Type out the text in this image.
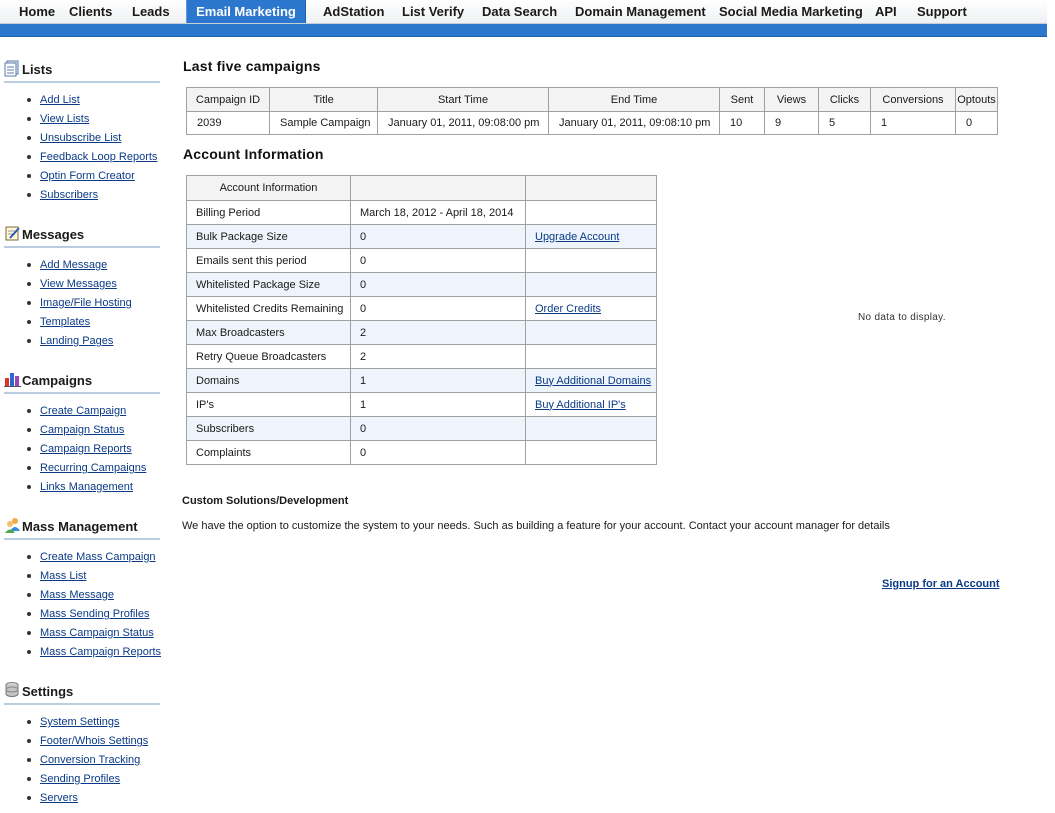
Home Clients Leads	Email Marketing	AdStation List Verify Data Search Domain Management Social Media Marketing API Support
Lists
Add List
View Lists
Unsubscribe List
Feedback Loop Reports
Optin Form Creator
Subscribers
Messages
Add Message
View Messages
Image/File Hosting
Templates
Landing Pages
Campaigns
Create Campaign
Campaign Status
Campaign Reports
Recurring Campaigns
Links Management
Mass Management
Create Mass Campaign
Mass List
Mass Message
Mass Sending Profiles
Mass Campaign Status
Mass Campaign Reports
Settings
System Settings
Footer/Whois Settings
Conversion Tracking
Sending Profiles
Servers
Last five campaigns
Campaign ID	Title	Start Time	End Time	Sent	Views	Clicks	Conversions	Optouts
2039	Sample Campaign	January 01, 2011, 09:08:00 pm	January 01, 2011, 09:08:10 pm	10	9	5	1	0
Account Information
Account Information		
Billing Period	March 18, 2012 - April 18, 2014	
Bulk Package Size	0	Upgrade Account
Emails sent this period	0	
Whitelisted Package Size	0	
Whitelisted Credits Remaining	0	Order Credits
Max Broadcasters	2	
Retry Queue Broadcasters	2	
Domains	1	Buy Additional Domains
IP's	1	Buy Additional IP's
Subscribers	0	
Complaints	0	
No data to display.
Custom Solutions/Development
We have the option to customize the system to your needs. Such as building a feature for your account. Contact your account manager for details
Signup for an Account
